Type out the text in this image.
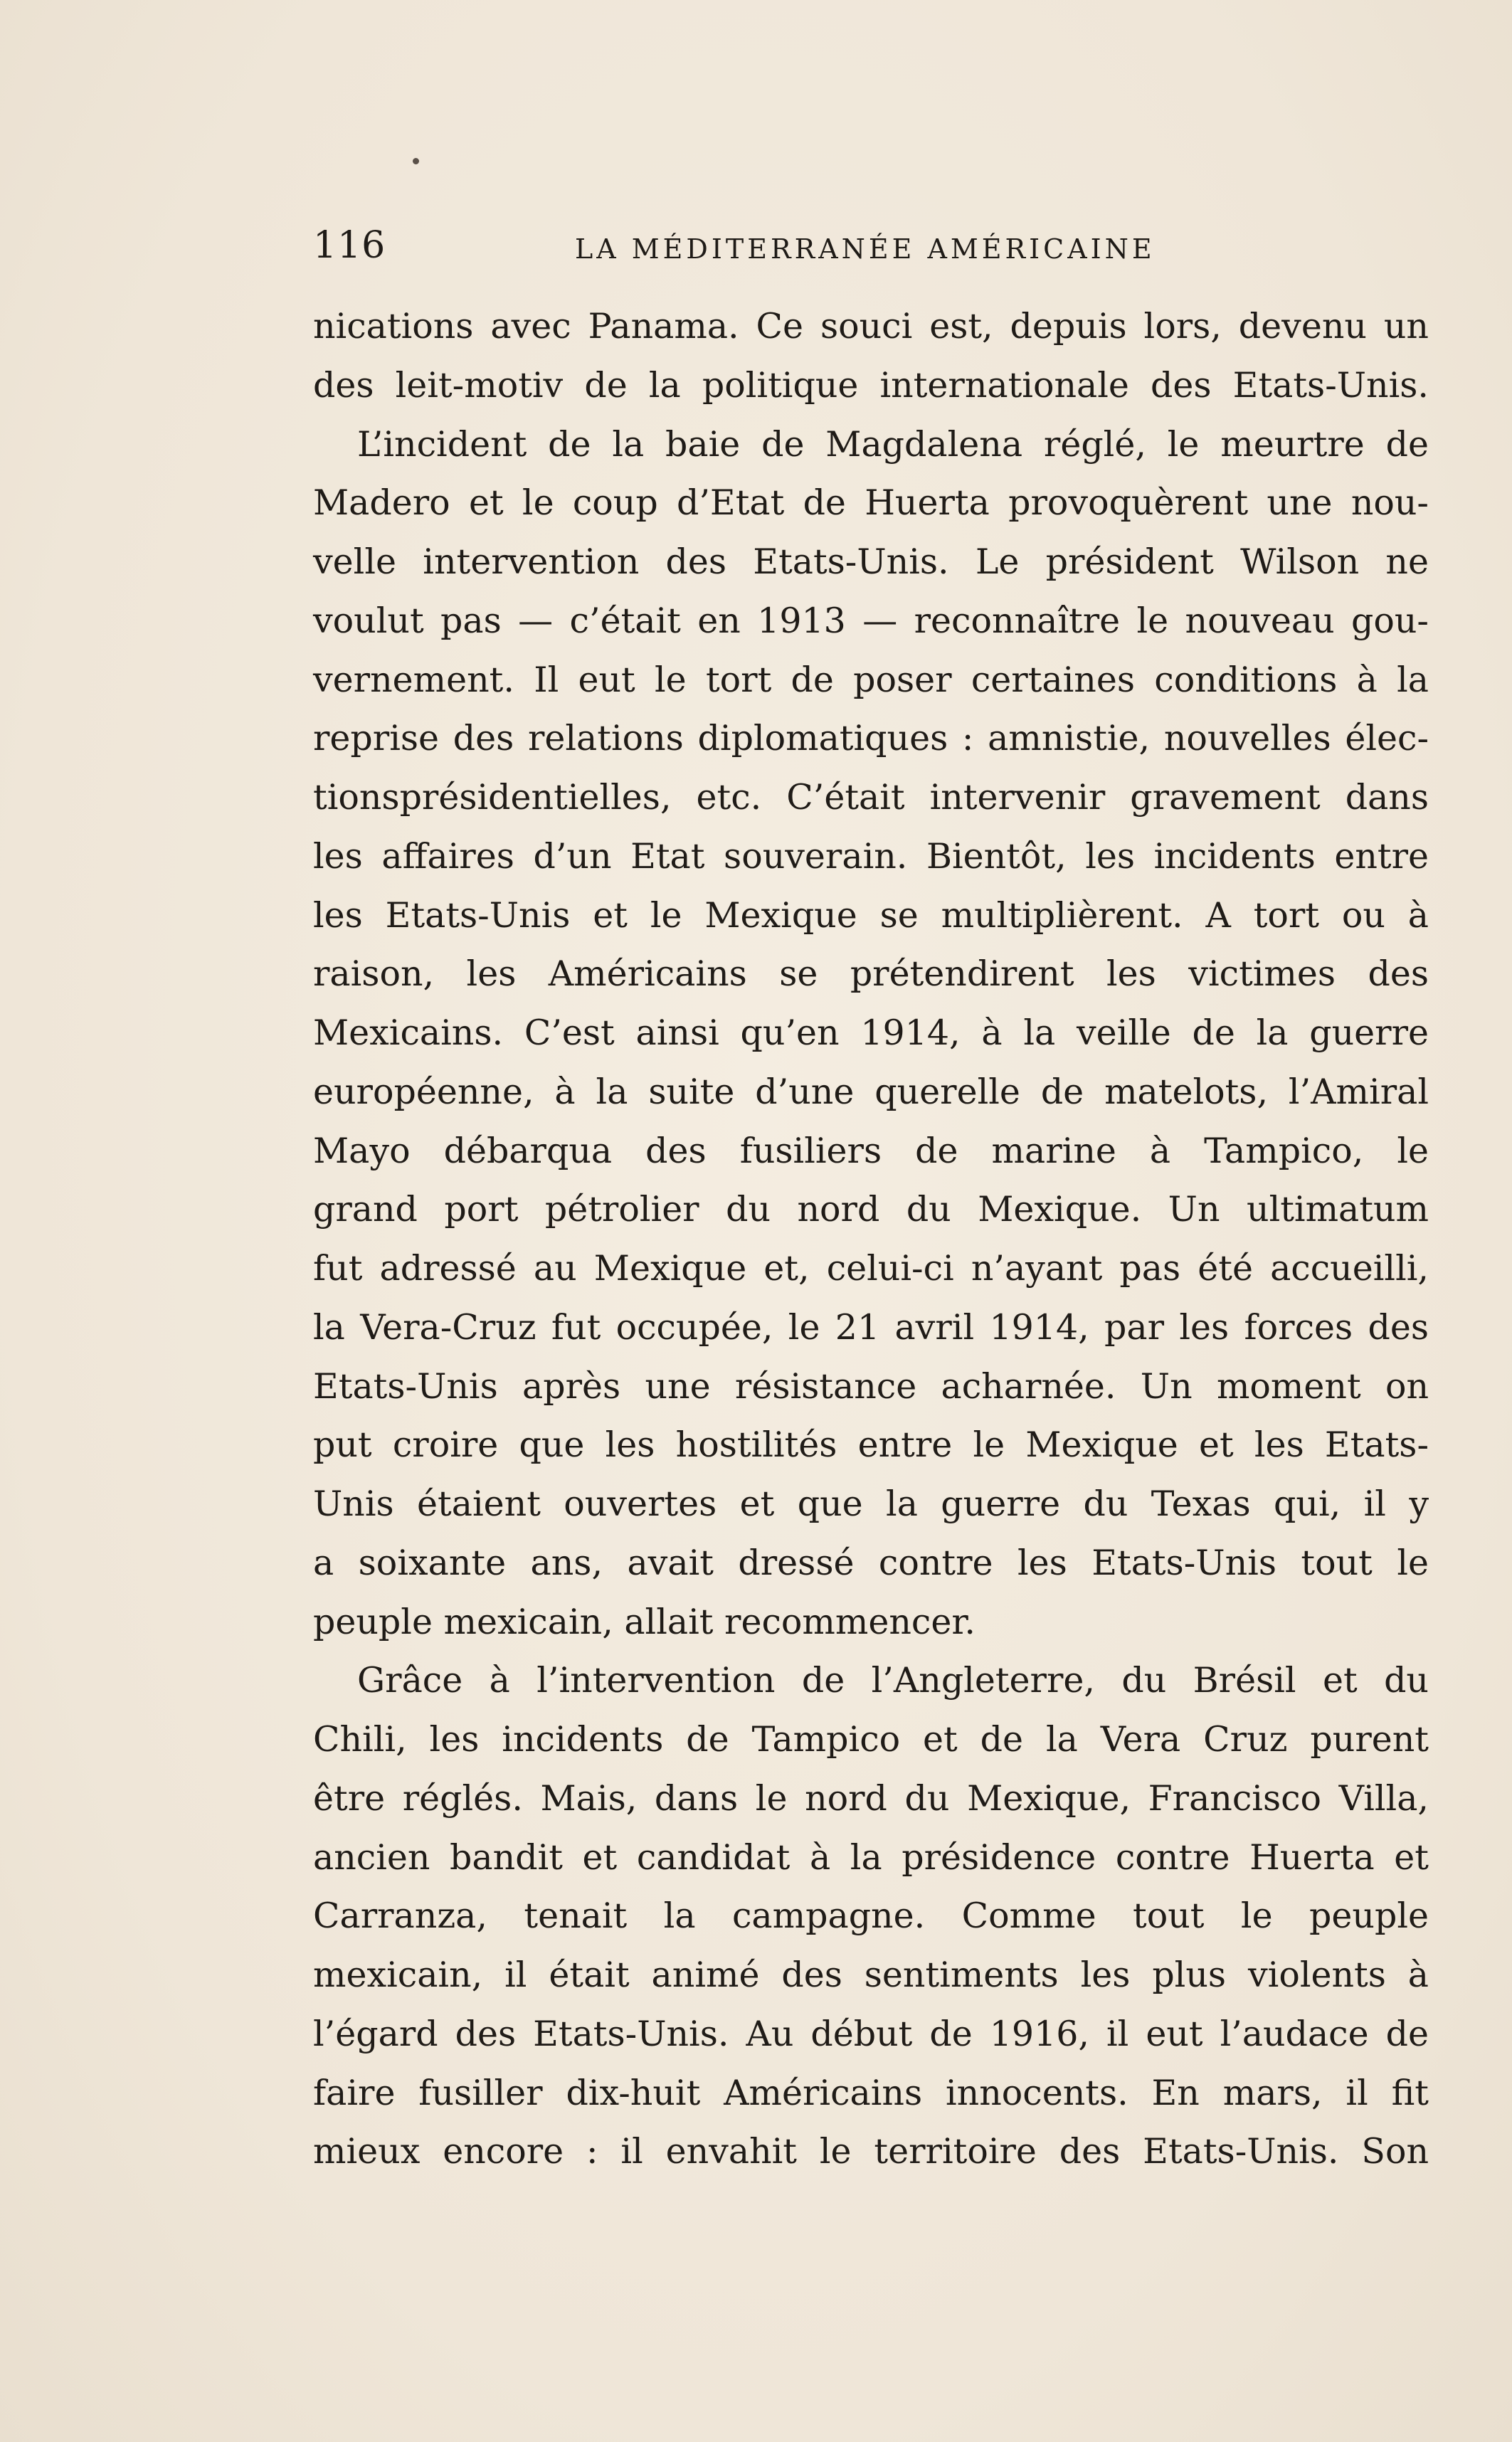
116	LA MÉDITERRANÉE AMÉRICAINE
nications avec Panama. Ce souci est, depuis lors, devenu un
des leit-motiv de la politique internationale des Etats-Unis.
L’incident de la baie de Magdalena réglé, le meurtre de
Madero et le coup d’Etat de Huerta provoquèrent une nou-
velle intervention des Etats-Unis. Le président Wilson ne
voulut pas — c’était en 1913 — reconnaître le nouveau gou-
vernement. Il eut le tort de poser certaines conditions à la
reprise des relations diplomatiques : amnistie, nouvelles élec-
tionsprésidentielles, etc. C’était intervenir gravement dans
les affaires d’un Etat souverain. Bientôt, les incidents entre
les Etats-Unis et le Mexique se multiplièrent. A tort ou à
raison, les Américains se prétendirent les victimes des
Mexicains. C’est ainsi qu’en 1914, à la veille de la guerre
européenne, à la suite d’une querelle de matelots, l’Amiral
Mayo débarqua des fusiliers de marine à Tampico, le
grand port pétrolier du nord du Mexique. Un ultimatum
fut adressé au Mexique et, celui-ci n’ayant pas été accueilli,
la Vera-Cruz fut occupée, le 21 avril 1914, par les forces des
Etats-Unis après une résistance acharnée. Un moment on
put croire que les hostilités entre le Mexique et les Etats-
Unis étaient ouvertes et que la guerre du Texas qui, il y
a soixante ans, avait dressé contre les Etats-Unis tout le
peuple mexicain, allait recommencer.
Grâce à l’intervention de l’Angleterre, du Brésil et du
Chili, les incidents de Tampico et de la Vera Cruz purent
être réglés. Mais, dans le nord du Mexique, Francisco Villa,
ancien bandit et candidat à la présidence contre Huerta et
Carranza, tenait la campagne. Comme tout le peuple
mexicain, il était animé des sentiments les plus violents à
l’égard des Etats-Unis. Au début de 1916, il eut l’audace de
faire fusiller dix-huit Américains innocents. En mars, il fit
mieux encore : il envahit le territoire des Etats-Unis. Son
